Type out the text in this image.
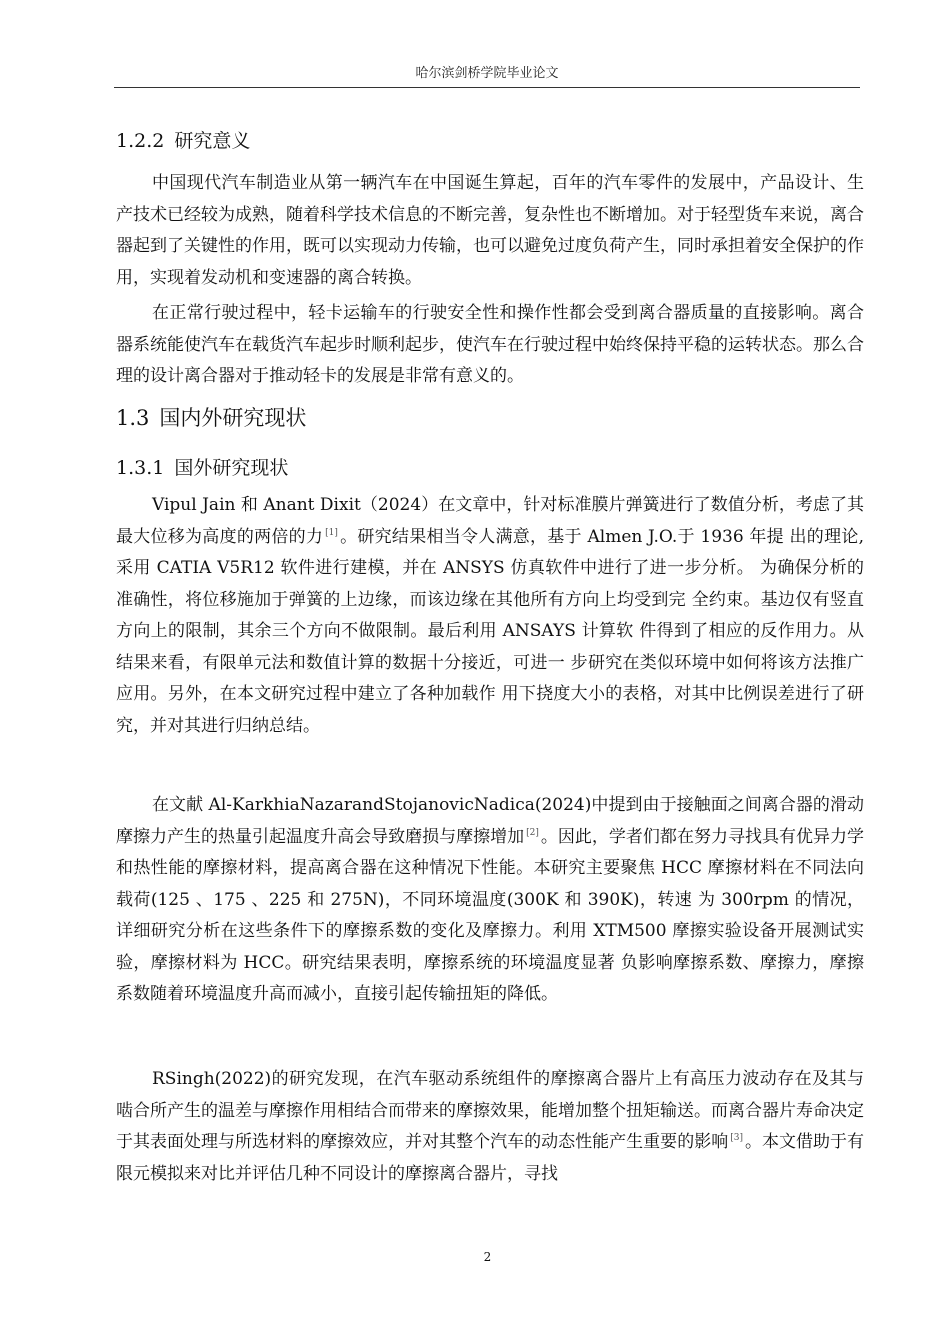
哈尔滨剑桥学院毕业论文
1.2.2 研究意义

中国现代汽车制造业从第一辆汽车在中国诞生算起，百年的汽车零件的发展中，产品设计、生产技术已经较为成熟，随着科学技术信息的不断完善，复杂性也不断增加。对于轻型货车来说，离合器起到了关键性的作用，既可以实现动力传输，也可以避免过度负荷产生，同时承担着安全保护的作用，实现着发动机和变速器的离合转换。

在正常行驶过程中，轻卡运输车的行驶安全性和操作性都会受到离合器质量的直接影响。离合器系统能使汽车在载货汽车起步时顺利起步，使汽车在行驶过程中始终保持平稳的运转状态。那么合理的设计离合器对于推动轻卡的发展是非常有意义的。

1.3 国内外研究现状
1.3.1 国外研究现状

Vipul Jain 和 Anant Dixit（2024）在文章中，针对标准膜片弹簧进行了数值分析，考虑了其最大位移为高度的两倍的力 [1] 。研究结果相当令人满意，基于 Almen J.O.于 1936 年提 出的理论,采用 CATIA V5R12 软件进行建模，并在 ANSYS 仿真软件中进行了进一步分析。 为确保分析的准确性，将位移施加于弹簧的上边缘，而该边缘在其他所有方向上均受到完 全约束。基边仅有竖直方向上的限制，其余三个方向不做限制。最后利用 ANSAYS 计算软 件得到了相应的反作用力。从结果来看，有限单元法和数值计算的数据十分接近，可进一 步研究在类似环境中如何将该方法推广应用。另外，在本文研究过程中建立了各种加载作 用下挠度大小的表格，对其中比例误差进行了研究，并对其进行归纳总结。

在文献 Al-KarkhiaNazarandStojanovicNadica(2024)中提到由于接触面之间离合器的滑动摩擦力产生的热量引起温度升高会导致磨损与摩擦增加 [2] 。因此，学者们都在努力寻找具有优异力学和热性能的摩擦材料，提高离合器在这种情况下性能。本研究主要聚焦 HCC 摩擦材料在不同法向载荷(125 、175 、225 和 275N)，不同环境温度(300K 和 390K)，转速 为 300rpm 的情况，详细研究分析在这些条件下的摩擦系数的变化及摩擦力。利用 XTM500 摩擦实验设备开展测试实验，摩擦材料为 HCC。研究结果表明，摩擦系统的环境温度显著 负影响摩擦系数、摩擦力，摩擦系数随着环境温度升高而减小，直接引起传输扭矩的降低。

RSingh(2022)的研究发现，在汽车驱动系统组件的摩擦离合器片上有高压力波动存在及其与啮合所产生的温差与摩擦作用相结合而带来的摩擦效果，能增加整个扭矩输送。而离合器片寿命决定于其表面处理与所选材料的摩擦效应，并对其整个汽车的动态性能产生重要的影响 [3] 。本文借助于有限元模拟来对比并评估几种不同设计的摩擦离合器片，寻找

2
